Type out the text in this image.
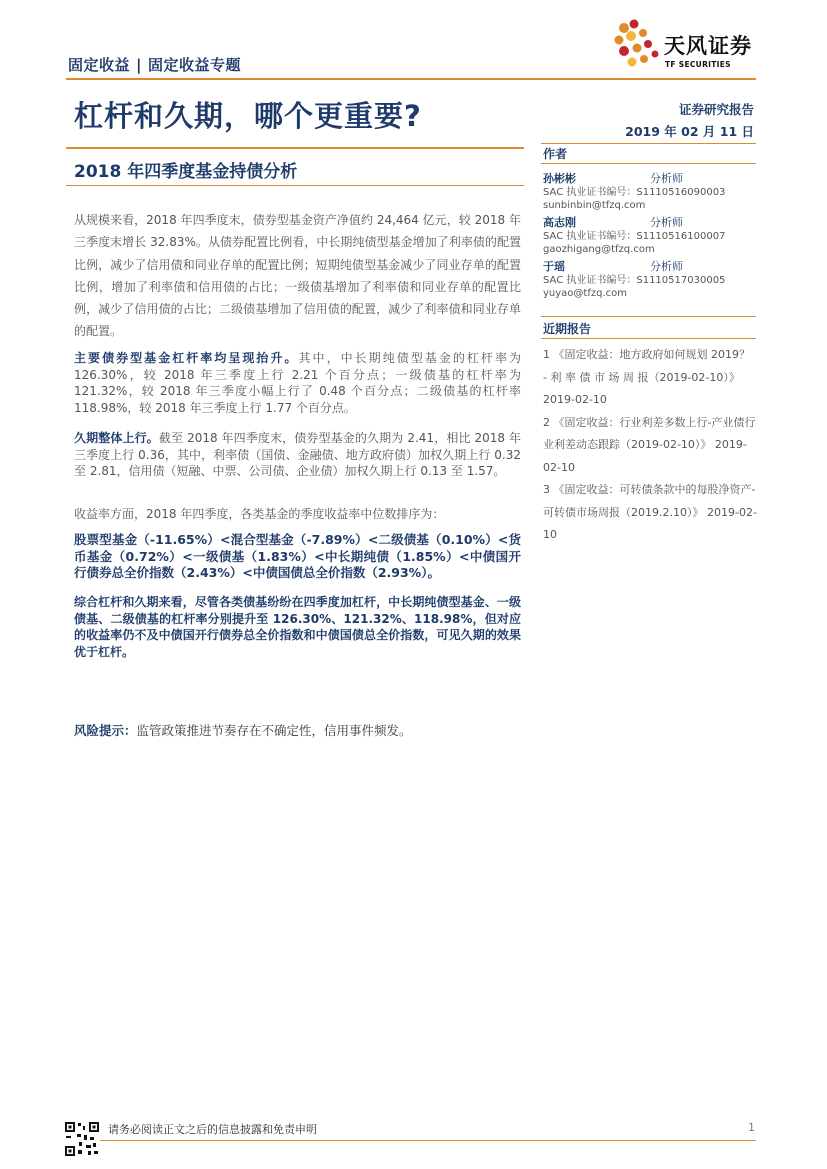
固定收益 | 固定收益专题
天风证券
TF SECURITIES
杠杆和久期，哪个更重要?
2018 年四季度基金持债分析
证券研究报告
2019 年 02 月 11 日
作者
孙彬彬	分析师
SAC 执业证书编号：S1110516090003
sunbinbin@tfzq.com
高志刚	分析师
SAC 执业证书编号：S1110516100007
gaozhigang@tfzq.com
于瑶	分析师
SAC 执业证书编号：S1110517030005
yuyao@tfzq.com
近期报告

1 《固定收益：地方政府如何规划 2019？ - 利 率 债 市 场 周 报（2019-02-10）》 2019-02-10

2 《固定收益：行业利差多数上行-产业债行业利差动态跟踪（2019-02-10）》 2019-02-10

3 《固定收益：可转债条款中的每股净资产-可转债市场周报（2019.2.10）》 2019-02-10

从规模来看，2018 年四季度末，债券型基金资产净值约 24,464 亿元，较 2018 年三季度末增长 32.83%。从债券配置比例看，中长期纯债型基金增加了利率债的配置比例，减少了信用债和同业存单的配置比例；短期纯债型基金减少了同业存单的配置比例，增加了利率债和信用债的占比；一级债基增加了利率债和同业存单的配置比例，减少了信用债的占比；二级债基增加了信用债的配置，减少了利率债和同业存单的配置。

主要债券型基金杠杆率均呈现抬升。其中，中长期纯债型基金的杠杆率为 126.30%，较 2018 年三季度上行 2.21 个百分点；一级债基的杠杆率为 121.32%，较 2018 年三季度小幅上行了 0.48 个百分点；二级债基的杠杆率 118.98%，较 2018 年三季度上行 1.77 个百分点。

久期整体上行。截至 2018 年四季度末，债券型基金的久期为 2.41，相比 2018 年三季度上行 0.36，其中，利率债（国债、金融债、地方政府债）加权久期上行 0.32 至 2.81，信用债（短融、中票、公司债、企业债）加权久期上行 0.13 至 1.57。

收益率方面，2018 年四季度，各类基金的季度收益率中位数排序为：

股票型基金（-11.65%）<混合型基金（-7.89%）<二级债基（0.10%）<货币基金（0.72%）<一级债基（1.83%）<中长期纯债（1.85%）<中债国开行债券总全价指数（2.43%）<中债国债总全价指数（2.93%）。

综合杠杆和久期来看，尽管各类债基纷纷在四季度加杠杆，中长期纯债型基金、一级债基、二级债基的杠杆率分别提升至 126.30%、121.32%、118.98%，但对应的收益率仍不及中债国开行债券总全价指数和中债国债总全价指数，可见久期的效果优于杠杆。

风险提示：监管政策推进节奏存在不确定性，信用事件频发。
请务必阅读正文之后的信息披露和免责申明	1
